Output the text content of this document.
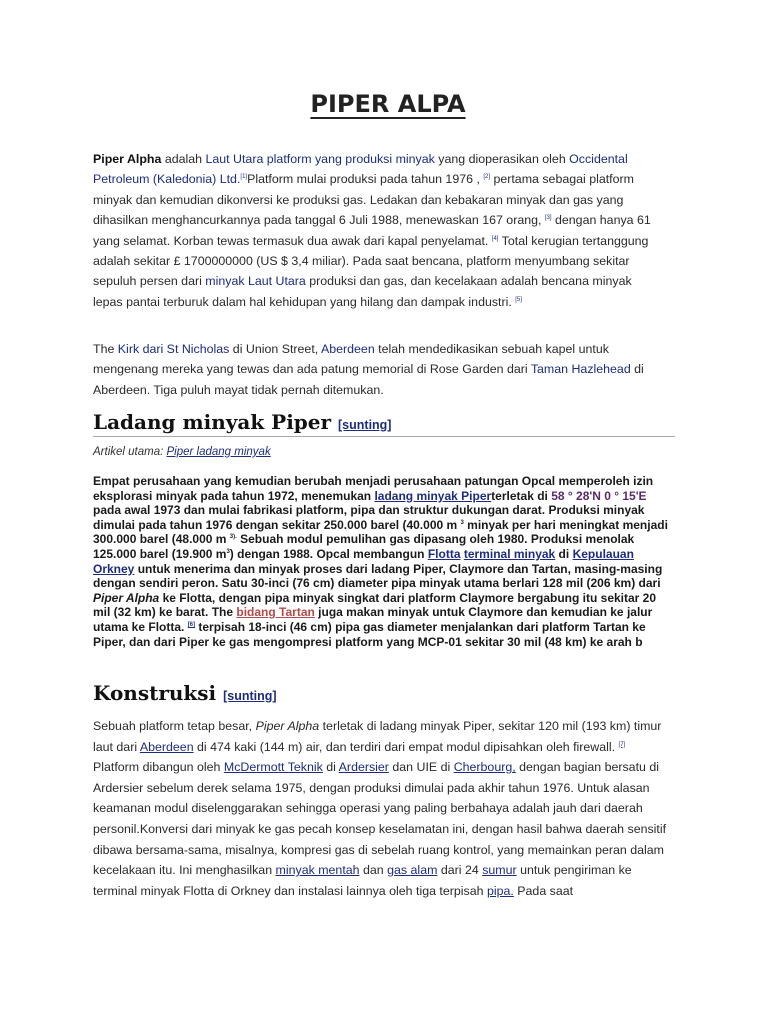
PIPER ALPA

Piper Alpha adalah Laut Utara platform yang produksi minyak yang dioperasikan oleh Occidental Petroleum (Kaledonia) Ltd.[1]Platform mulai produksi pada tahun 1976 , [2] pertama sebagai platform minyak dan kemudian dikonversi ke produksi gas. Ledakan dan kebakaran minyak dan gas yang dihasilkan menghancurkannya pada tanggal 6 Juli 1988, menewaskan 167 orang, [3] dengan hanya 61 yang selamat. Korban tewas termasuk dua awak dari kapal penyelamat. [4] Total kerugian tertanggung adalah sekitar £ 1700000000 (US $ 3,4 miliar). Pada saat bencana, platform menyumbang sekitar sepuluh persen dari minyak Laut Utara produksi dan gas, dan kecelakaan adalah bencana minyak lepas pantai terburuk dalam hal kehidupan yang hilang dan dampak industri. [5]

The Kirk dari St Nicholas di Union Street, Aberdeen telah mendedikasikan sebuah kapel untuk mengenang mereka yang tewas dan ada patung memorial di Rose Garden dari Taman Hazlehead di Aberdeen. Tiga puluh mayat tidak pernah ditemukan.

Ladang minyak Piper [sunting]

Artikel utama: Piper ladang minyak

Empat perusahaan yang kemudian berubah menjadi perusahaan patungan Opcal memperoleh izin eksplorasi minyak pada tahun 1972, menemukan ladang minyak Piperterletak di 58 ° 28'N 0 ° 15'E pada awal 1973 dan mulai fabrikasi platform, pipa dan struktur dukungan darat. Produksi minyak dimulai pada tahun 1976 dengan sekitar 250.000 barel (40.000 m $^3$ minyak per hari meningkat menjadi 300.000 barel (48.000 m $^{3).}$ Sebuah modul pemulihan gas dipasang oleh 1980. Produksi menolak 125.000 barel (19.900 $m^3$) dengan 1988. Opcal membangun Flotta terminal minyak di Kepulauan Orkney untuk menerima dan minyak proses dari ladang Piper, Claymore dan Tartan, masing-masing dengan sendiri peron. Satu 30-inci (76 cm) diameter pipa minyak utama berlari 128 mil (206 km) dari Piper Alpha ke Flotta, dengan pipa minyak singkat dari platform Claymore bergabung itu sekitar 20 mil (32 km) ke barat. The bidang Tartan juga makan minyak untuk Claymore dan kemudian ke jalur utama ke Flotta. [6] terpisah 18-inci (46 cm) pipa gas diameter menjalankan dari platform Tartan ke Piper, dan dari Piper ke gas mengompresi platform yang MCP-01 sekitar 30 mil (48 km) ke arah b

Konstruksi [sunting]

Sebuah platform tetap besar, Piper Alpha terletak di ladang minyak Piper, sekitar 120 mil (193 km) timur laut dari Aberdeen di 474 kaki (144 m) air, dan terdiri dari empat modul dipisahkan oleh firewall. [7] Platform dibangun oleh McDermott Teknik di Ardersier dan UIE di Cherbourg, dengan bagian bersatu di Ardersier sebelum derek selama 1975, dengan produksi dimulai pada akhir tahun 1976. Untuk alasan keamanan modul diselenggarakan sehingga operasi yang paling berbahaya adalah jauh dari daerah personil.Konversi dari minyak ke gas pecah konsep keselamatan ini, dengan hasil bahwa daerah sensitif dibawa bersama-sama, misalnya, kompresi gas di sebelah ruang kontrol, yang memainkan peran dalam kecelakaan itu. Ini menghasilkan minyak mentah dan gas alam dari 24 sumur untuk pengiriman ke terminal minyak Flotta di Orkney dan instalasi lainnya oleh tiga terpisah pipa. Pada saat
